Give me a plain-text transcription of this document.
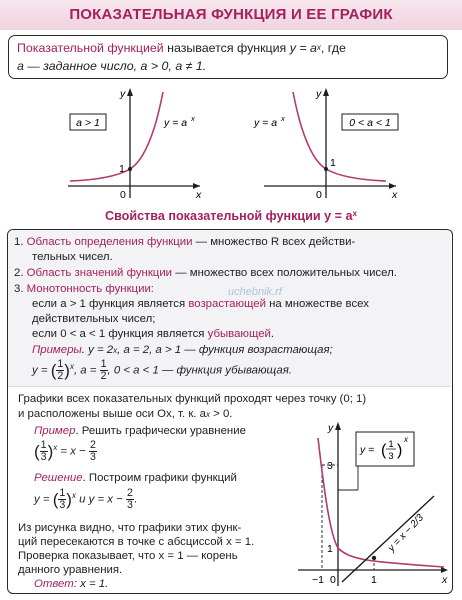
ПОКАЗАТЕЛЬНАЯ ФУНКЦИЯ И ЕЕ ГРАФИК
Показательной функцией называется функция $y = a^x$, где
a — заданное число, a > 0, a ≠ 1.
a > 1	y = a x
y
x
1
0
y = a x	0 < a < 1
y
x
1
0
Свойства показательной функции $y = a^x$
1. Область определения функции — множество R всех действи-
тельных чисел.
2. Область значений функции — множество всех положительных чисел.
3. Монотонность функции:
если a > 1 функция является возрастающей на множестве всех
действительных чисел;
если 0 < a < 1 функция является убывающей.
Примеры. $y = 2^x$, a = 2, a > 1 — функция возрастающая;
y = ( $\frac{1}{2} )^x$, $a = \frac{1}{2}$ , 0 < a < 1 — функция убывающая.
Графики всех показательных функций проходят через точку (0; 1)
и расположены выше оси Ox, т. к. $a^x > 0$.
Пример. Решить графически уравнение
( $\frac{1}{3} )^x = x - \frac{2}{3}$
Решение. Построим графики функций
y = ( $\frac{1}{3} )^x$ и $y = x - \frac{2}{3}$ .
Из рисунка видно, что графики этих функ-
ций пересекаются в точке с абсциссой x = 1.
Проверка показывает, что x = 1 — корень
данного уравнения.
Ответ: x = 1.
y = ( 1
3 )
x
y = x − 2/3
y
x
3
1
−1 0	1
uchebnik.rf
